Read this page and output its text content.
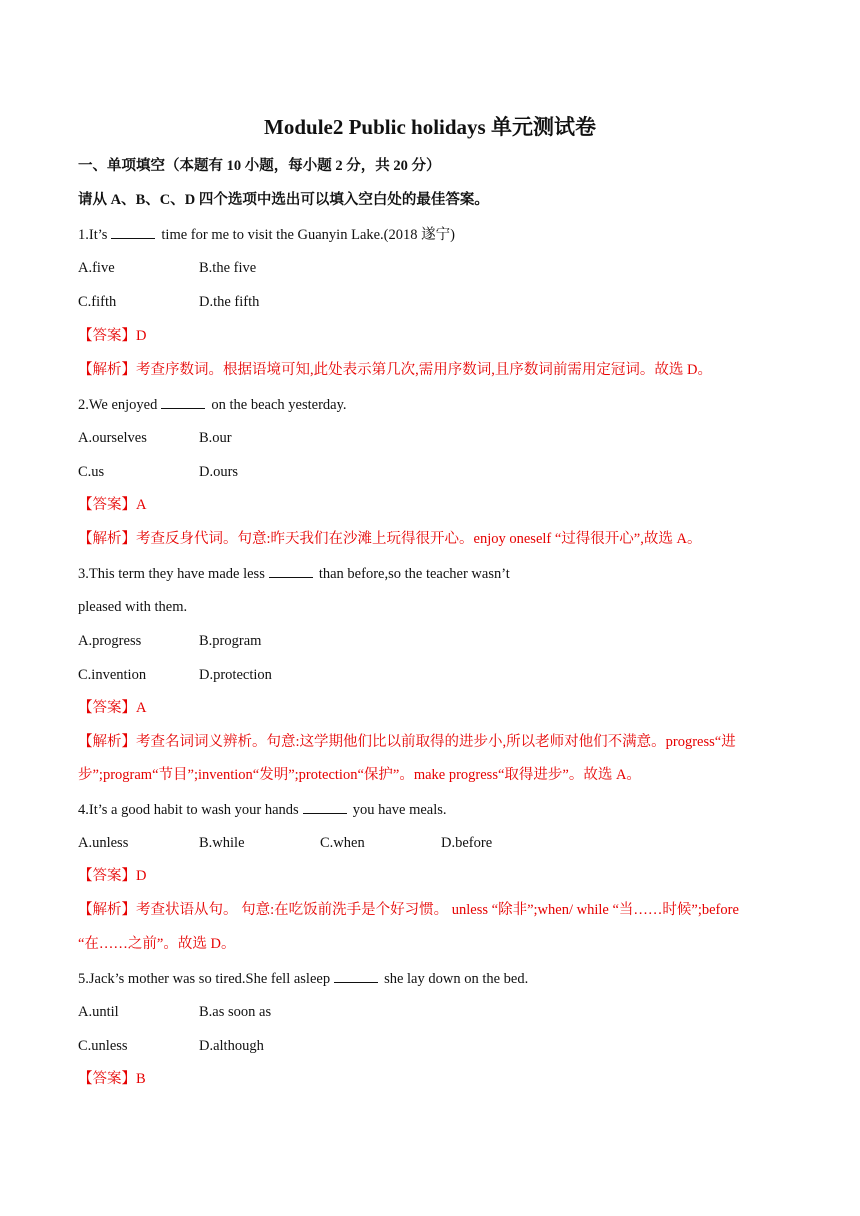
Module2 Public holidays 单元测试卷
一、单项填空（本题有 10 小题，每小题 2 分，共 20 分）
请从 A、B、C、D 四个选项中选出可以填入空白处的最佳答案。
1.It’s	time for me to visit the Guanyin Lake.(2018 遂宁)
A.five	B.the five
C.fifth	D.the fifth
【答案】D
【解析】考查序数词。根据语境可知,此处表示第几次,需用序数词,且序数词前需用定冠词。故选 D。
2.We enjoyed	on the beach yesterday.
A.ourselves	B.our
C.us	D.ours
【答案】A
【解析】考查反身代词。句意:昨天我们在沙滩上玩得很开心。enjoy oneself “过得很开心”,故选 A。
3.This term they have made less	than before,so the teacher wasn’t
pleased with them.
A.progress	B.program
C.invention	D.protection
【答案】A
【解析】考查名词词义辨析。句意:这学期他们比以前取得的进步小,所以老师对他们不满意。progress“进
步”;program“节目”;invention“发明”;protection“保护”。make progress“取得进步”。故选 A。
4.It’s a good habit to wash your hands	you have meals.
A.unless	B.while	C.when	D.before
【答案】D
【解析】考查状语从句。 句意:在吃饭前洗手是个好习惯。 unless “除非”;when/ while “当……时候”;before
“在……之前”。故选 D。
5.Jack’s mother was so tired.She fell asleep	she lay down on the bed.
A.until	B.as soon as
C.unless	D.although
【答案】B
